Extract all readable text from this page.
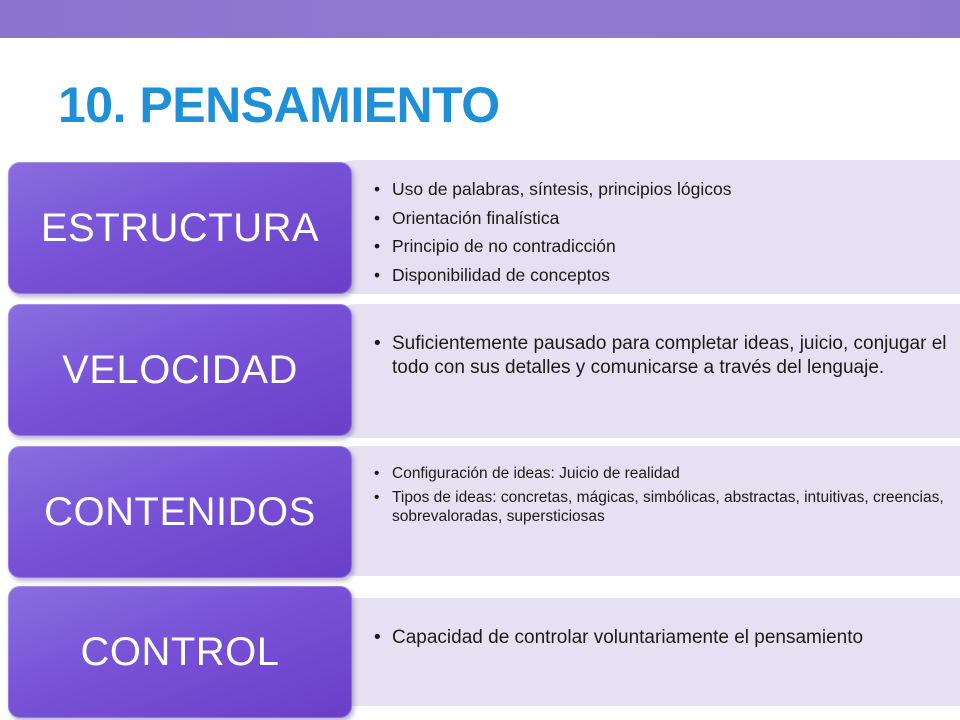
10. PENSAMIENTO
• Uso de palabras, síntesis, principios lógicos
• Orientación finalística
• Principio de no contradicción
• Disponibilidad de conceptos
ESTRUCTURA
• Suficientemente pausado para completar ideas, juicio, conjugar el todo con sus detalles y comunicarse a través del lenguaje.
VELOCIDAD
• Configuración de ideas: Juicio de realidad
• Tipos de ideas: concretas, mágicas, simbólicas, abstractas, intuitivas, creencias, sobrevaloradas, supersticiosas
CONTENIDOS
• Capacidad de controlar voluntariamente el pensamiento
CONTROL
